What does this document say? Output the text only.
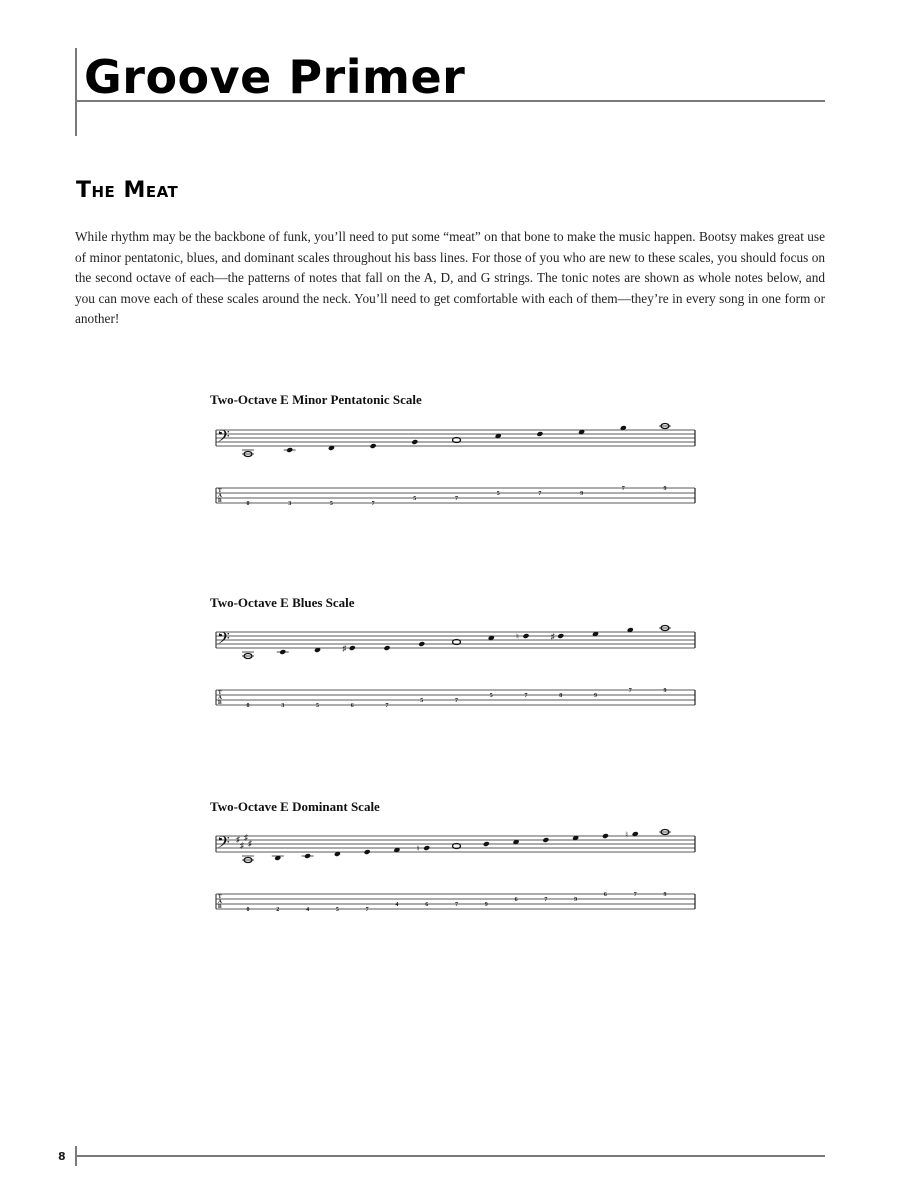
Groove Primer
The Meat

While rhythm may be the backbone of funk, you’ll need to put some “meat” on that bone to make the music happen. Bootsy makes great use of minor pentatonic, blues, and dominant scales throughout his bass lines. For those of you who are new to these scales, you should focus on the second octave of each—the patterns of notes that fall on the A, D, and G strings. The tonic notes are shown as whole notes below, and you can move each of these scales around the neck. You’ll need to get comfortable with each of them—they’re in every song in one form or another!

Two-Octave E Minor Pentatonic Scale

𝄢
T
A
B
0	3	5	7
5	7
5	7	9
7	9

Two-Octave E Blues Scale

𝄢
T
A
B
0	3	5
♯
6	7
5	7
5
♮
7
♯
8	9
7	9

Two-Octave E Dominant Scale

𝄢 ♯
♯
♯
♯
T
A
B
0	2	4	5	7
4
♮
6	7	9
6	7	9
6
♮
7	9
8
